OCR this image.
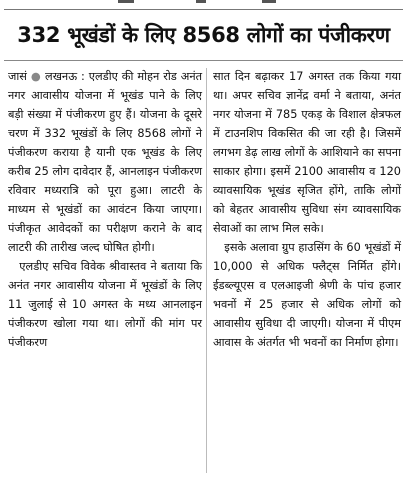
332 भूखंडों के लिए 8568 लोगों का पंजीकरण

जासं ● लखनऊ : एलडीए की मोहन रोड अनंत नगर आवासीय योजना में भूखंड पाने के लिए बड़ी संख्या में पंजीकरण हुए हैं। योजना के दूसरे चरण में 332 भूखंडों के लिए 8568 लोगों ने पंजीकरण कराया है यानी एक भूखंड के लिए करीब 25 लोग दावेदार हैं, आनलाइन पंजीकरण रविवार मध्यरात्रि को पूरा हुआ। लाटरी के माध्यम से भूखंडों का आवंटन किया जाएगा। पंजीकृत आवेदकों का परीक्षण कराने के बाद लाटरी की तारीख जल्द घोषित होगी।

एलडीए सचिव विवेक श्रीवास्तव ने बताया कि अनंत नगर आवासीय योजना में भूखंडों के लिए 11 जुलाई से 10 अगस्त के मध्य आनलाइन पंजीकरण खोला गया था। लोगों की मांग पर पंजीकरण

सात दिन बढ़ाकर 17 अगस्त तक किया गया था। अपर सचिव ज्ञानेंद्र वर्मा ने बताया, अनंत नगर योजना में 785 एकड़ के विशाल क्षेत्रफल में टाउनशिप विकसित की जा रही है। जिसमें लगभग डेढ़ लाख लोगों के आशियाने का सपना साकार होगा। इसमें 2100 आवासीय व 120 व्यावसायिक भूखंड सृजित होंगे, ताकि लोगों को बेहतर आवासीय सुविधा संग व्यावसायिक सेवाओं का लाभ मिल सके।

इसके अलावा ग्रुप हाउसिंग के 60 भूखंडों में 10,000 से अधिक फ्लैट्स निर्मित होंगे। ईडब्ल्यूएस व एलआइजी श्रेणी के पांच हजार भवनों में 25 हजार से अधिक लोगों को आवासीय सुविधा दी जाएगी। योजना में पीएम आवास के अंतर्गत भी भवनों का निर्माण होगा।
